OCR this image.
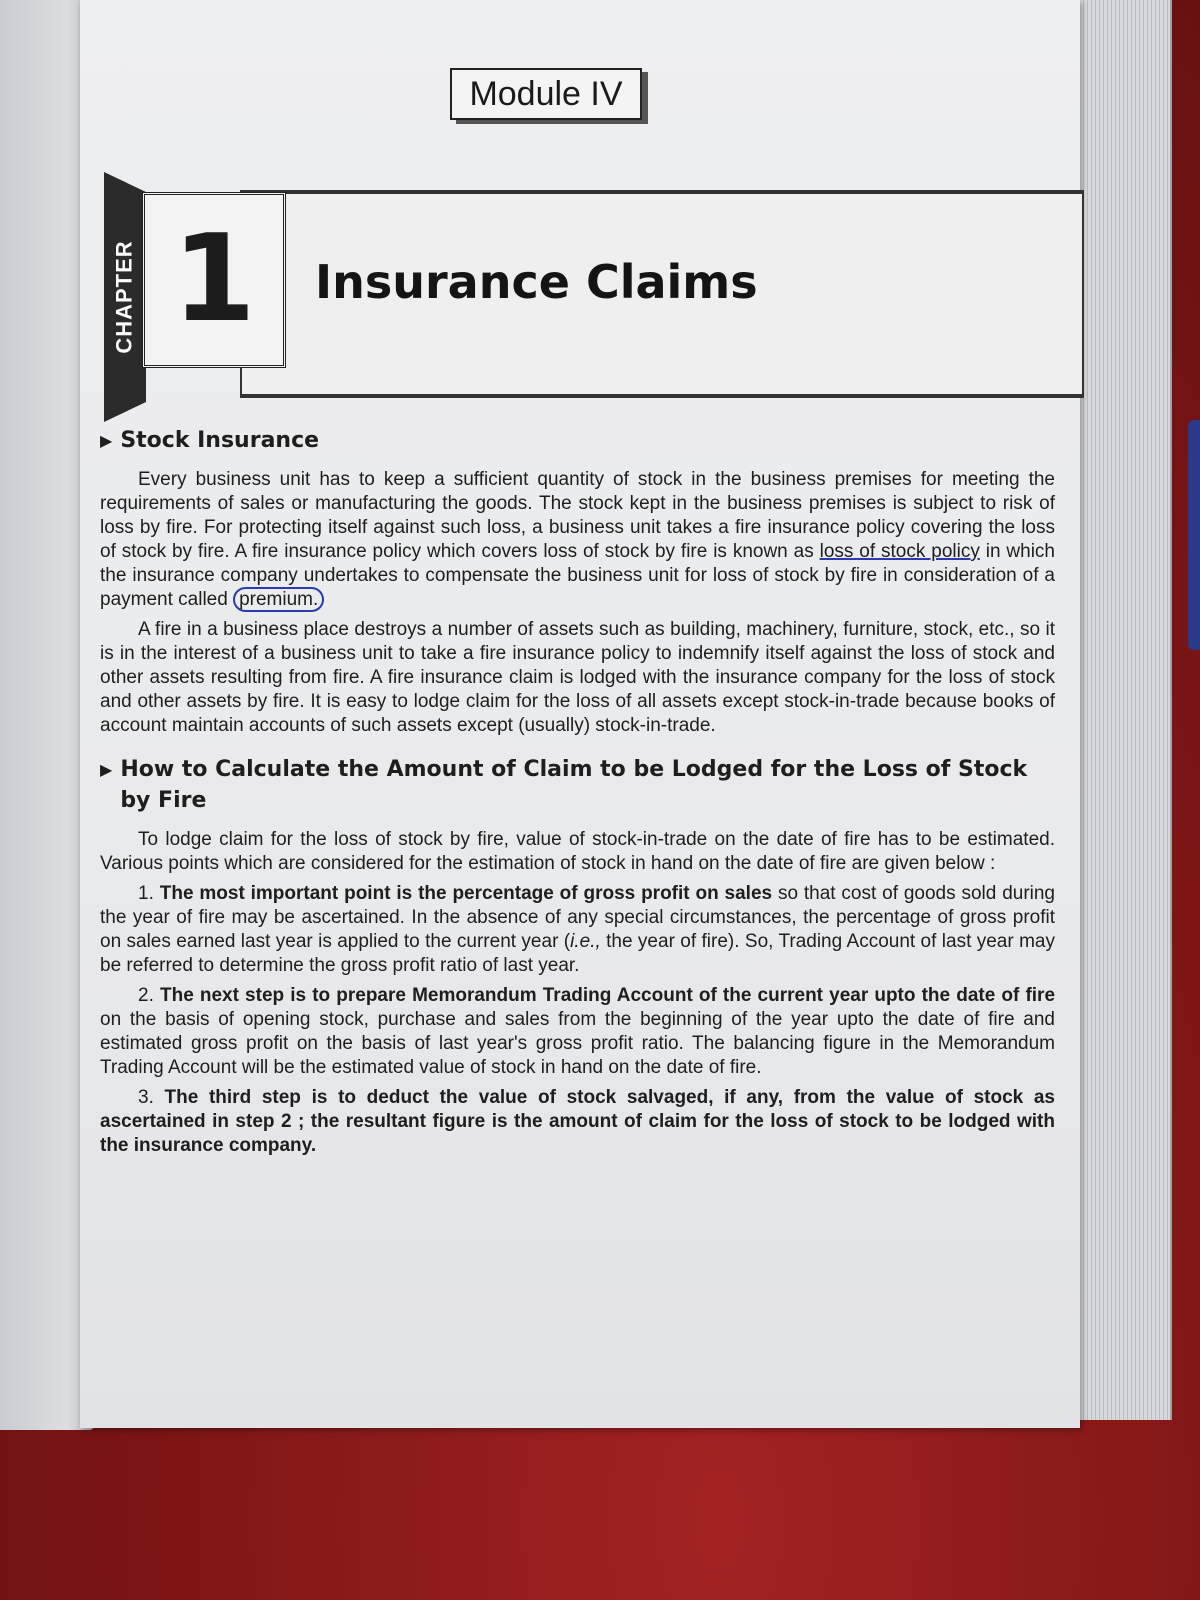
Module IV
CHAPTER 1	Insurance Claims
▶ Stock Insurance

Every business unit has to keep a sufficient quantity of stock in the business premises for meeting the requirements of sales or manufacturing the goods. The stock kept in the business premises is subject to risk of loss by fire. For protecting itself against such loss, a business unit takes a fire insurance policy covering the loss of stock by fire. A fire insurance policy which covers loss of stock by fire is known as loss of stock policy in which the insurance company undertakes to compensate the business unit for loss of stock by fire in consideration of a payment called premium.

A fire in a business place destroys a number of assets such as building, machinery, furniture, stock, etc., so it is in the interest of a business unit to take a fire insurance policy to indemnify itself against the loss of stock and other assets resulting from fire. A fire insurance claim is lodged with the insurance company for the loss of stock and other assets by fire. It is easy to lodge claim for the loss of all assets except stock-in-trade because books of account maintain accounts of such assets except (usually) stock-in-trade.

▶ How to Calculate the Amount of Claim to be Lodged for the Loss of Stock by Fire

To lodge claim for the loss of stock by fire, value of stock-in-trade on the date of fire has to be estimated. Various points which are considered for the estimation of stock in hand on the date of fire are given below :

1. The most important point is the percentage of gross profit on sales so that cost of goods sold during the year of fire may be ascertained. In the absence of any special circumstances, the percentage of gross profit on sales earned last year is applied to the current year (i.e., the year of fire). So, Trading Account of last year may be referred to determine the gross profit ratio of last year.

2. The next step is to prepare Memorandum Trading Account of the current year upto the date of fire on the basis of opening stock, purchase and sales from the beginning of the year upto the date of fire and estimated gross profit on the basis of last year's gross profit ratio. The balancing figure in the Memorandum Trading Account will be the estimated value of stock in hand on the date of fire.

3. The third step is to deduct the value of stock salvaged, if any, from the value of stock as ascertained in step 2 ; the resultant figure is the amount of claim for the loss of stock to be lodged with the insurance company.
